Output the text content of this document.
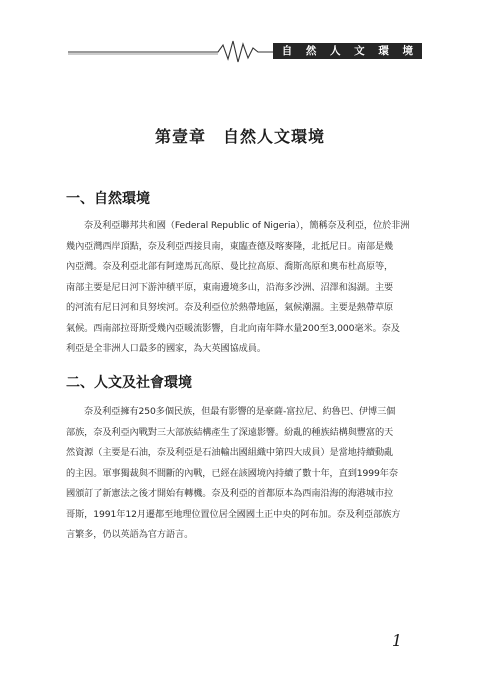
自 然 人 文 環 境
第壹章　自然人文環境
一、自然環境
奈及利亞聯邦共和國（Federal Republic of Nigeria），簡稱奈及利亞，位於非洲
幾內亞灣西岸頂點，奈及利亞西接貝南，東臨查德及喀麥隆，北抵尼日。南部是幾
內亞灣。奈及利亞北部有阿達馬瓦高原、曼比拉高原、喬斯高原和奧布杜高原等，
南部主要是尼日河下游沖積平原，東南邊境多山，沿海多沙洲、沼澤和潟湖。主要
的河流有尼日河和貝努埃河。奈及利亞位於熱帶地區，氣候潮濕。主要是熱帶草原
氣候。西南部拉哥斯受幾內亞暖流影響，自北向南年降水量200至3,000毫米。奈及
利亞是全非洲人口最多的國家，為大英國協成員。
二、人文及社會環境
奈及利亞擁有250多個民族，但最有影響的是豪薩-富拉尼、約魯巴、伊博三個
部族，奈及利亞內戰對三大部族結構產生了深遠影響。紛亂的種族結構與豐富的天
然資源（主要是石油，奈及利亞是石油輸出國組織中第四大成員）是當地持續動亂
的主因。軍事獨裁與不間斷的內戰，已經在該國境內持續了數十年，直到1999年奈
國頒訂了新憲法之後才開始有轉機。奈及利亞的首都原本為西南沿海的海港城市拉
哥斯，1991年12月遷都至地理位置位居全國國土正中央的阿布加。奈及利亞部族方
言繁多，仍以英語為官方語言。
1
